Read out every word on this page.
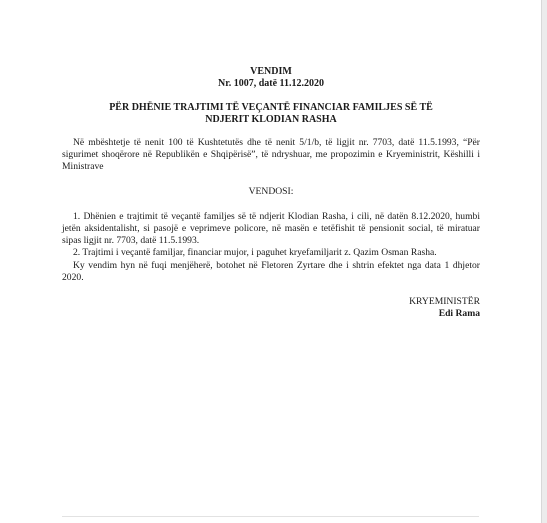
VENDIM
Nr. 1007, datë 11.12.2020
PËR DHËNIE TRAJTIMI TË VEÇANTË FINANCIAR FAMILJES SË TË
NDJERIT KLODIAN RASHA

Në mbështetje të nenit 100 të Kushtetutës dhe të nenit 5/1/b, të ligjit nr. 7703, datë 11.5.1993, “Për sigurimet shoqërore në Republikën e Shqipërisë”, të ndryshuar, me propozimin e Kryeministrit, Këshilli i Ministrave

VENDOSI:

1. Dhënien e trajtimit të veçantë familjes së të ndjerit Klodian Rasha, i cili, në datën 8.12.2020, humbi jetën aksidentalisht, si pasojë e veprimeve policore, në masën e tetëfishit të pensionit social, të miratuar sipas ligjit nr. 7703, datë 11.5.1993.

2. Trajtimi i veçantë familjar, financiar mujor, i paguhet kryefamiljarit z. Qazim Osman Rasha.

Ky vendim hyn në fuqi menjëherë, botohet në Fletoren Zyrtare dhe i shtrin efektet nga data 1 dhjetor 2020.

KRYEMINISTËR
Edi Rama
